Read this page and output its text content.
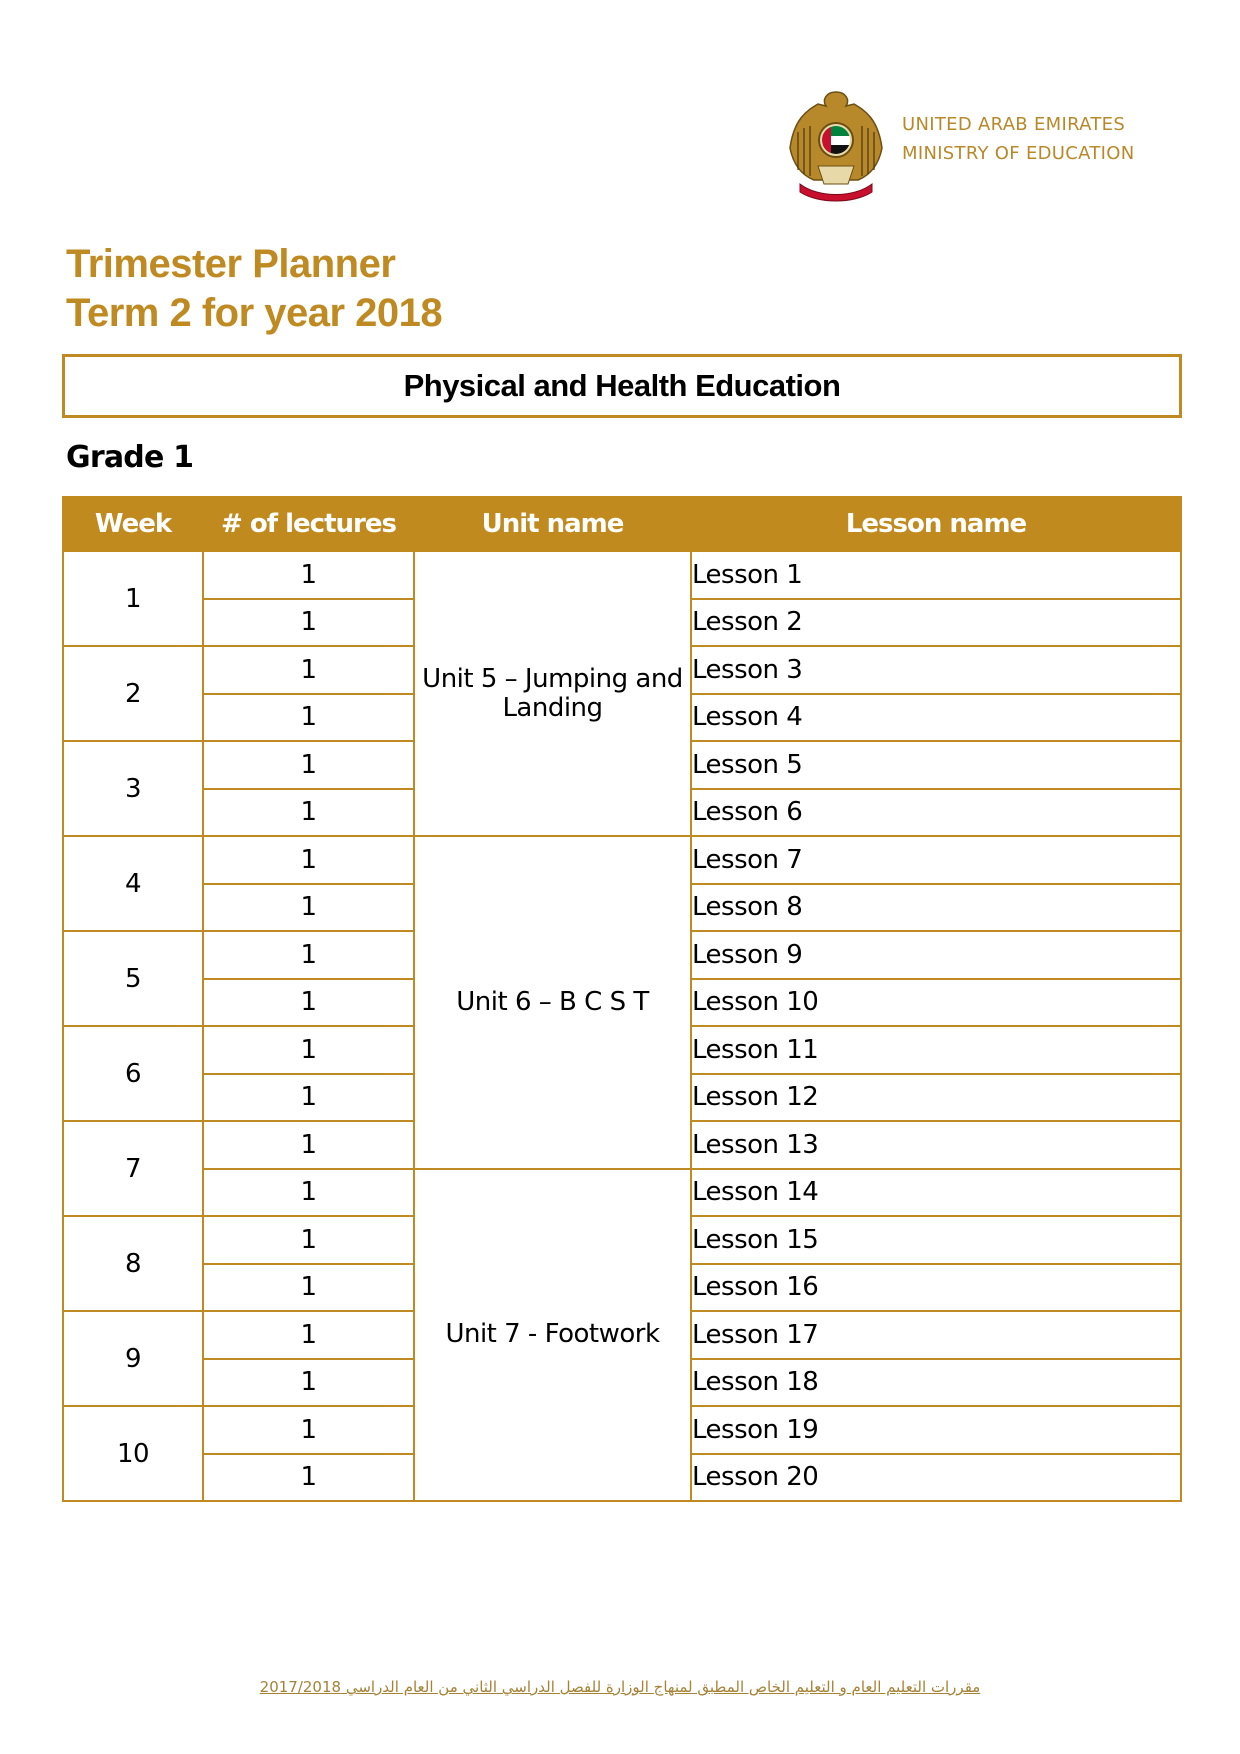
UNITED ARAB EMIRATES
MINISTRY OF EDUCATION
Trimester Planner
Term 2 for year 2018
Physical and Health Education
Grade 1
Week	# of lectures	Unit name	Lesson name
1	1	Unit 5 – Jumping and Landing	Lesson 1
	1		Lesson 2
2	1		Lesson 3
	1		Lesson 4
3	1		Lesson 5
	1		Lesson 6
4	1	Unit 6 – B C S T	Lesson 7
	1		Lesson 8
5	1		Lesson 9
	1		Lesson 10
6	1		Lesson 11
	1		Lesson 12
7	1		Lesson 13
	1	Unit 7 - Footwork	Lesson 14
8	1		Lesson 15
	1		Lesson 16
9	1		Lesson 17
	1		Lesson 18
10	1		Lesson 19
	1		Lesson 20
مقررات التعليم العام و التعليم الخاص المطبق لمنهاج الوزارة للفصل الدراسي الثاني من العام الدراسي 2017/2018
